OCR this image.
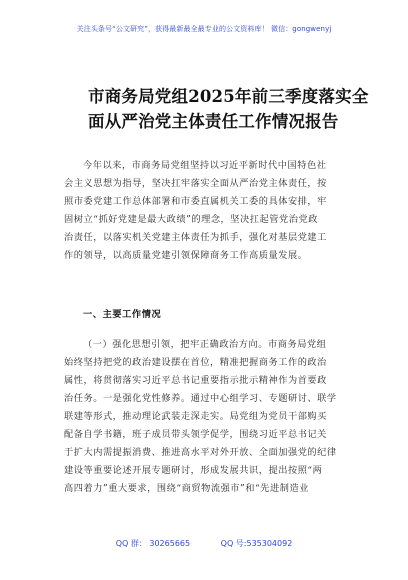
关注头条号“公文研究”，获得最新最全最专业的公文资料库！ 微信：gongwenyj
市商务局党组2025年前三季度落实全
面从严治党主体责任工作情况报告
今年以来，市商务局党组坚持以习近平新时代中国特色社
会主义思想为指导，坚决扛牢落实全面从严治党主体责任，按
照市委党建工作总体部署和市委直属机关工委的具体安排，牢
固树立“抓好党建是最大政绩”的理念，坚决扛起管党治党政
治责任，以落实机关党建主体责任为抓手，强化对基层党建工
作的领导，以高质量党建引领保障商务工作高质量发展。
一、主要工作情况
（一）强化思想引领，把牢正确政治方向。市商务局党组
始终坚持把党的政治建设摆在首位，精准把握商务工作的政治
属性，将贯彻落实习近平总书记重要指示批示精神作为首要政
治任务。一是强化党性修养。通过中心组学习、专题研讨、联学
联建等形式，推动理论武装走深走实。局党组为党员干部购买
配备自学书籍，班子成员带头领学促学，围绕习近平总书记关
于扩大内需提振消费、推进高水平对外开放、全面加强党的纪律
建设等重要论述开展专题研讨，形成发展共识，提出按照“两
高四着力”重大要求，围绕“商贸物流强市”和“先进制造业
QQ 群： 30265665	QQ 号:535304092
